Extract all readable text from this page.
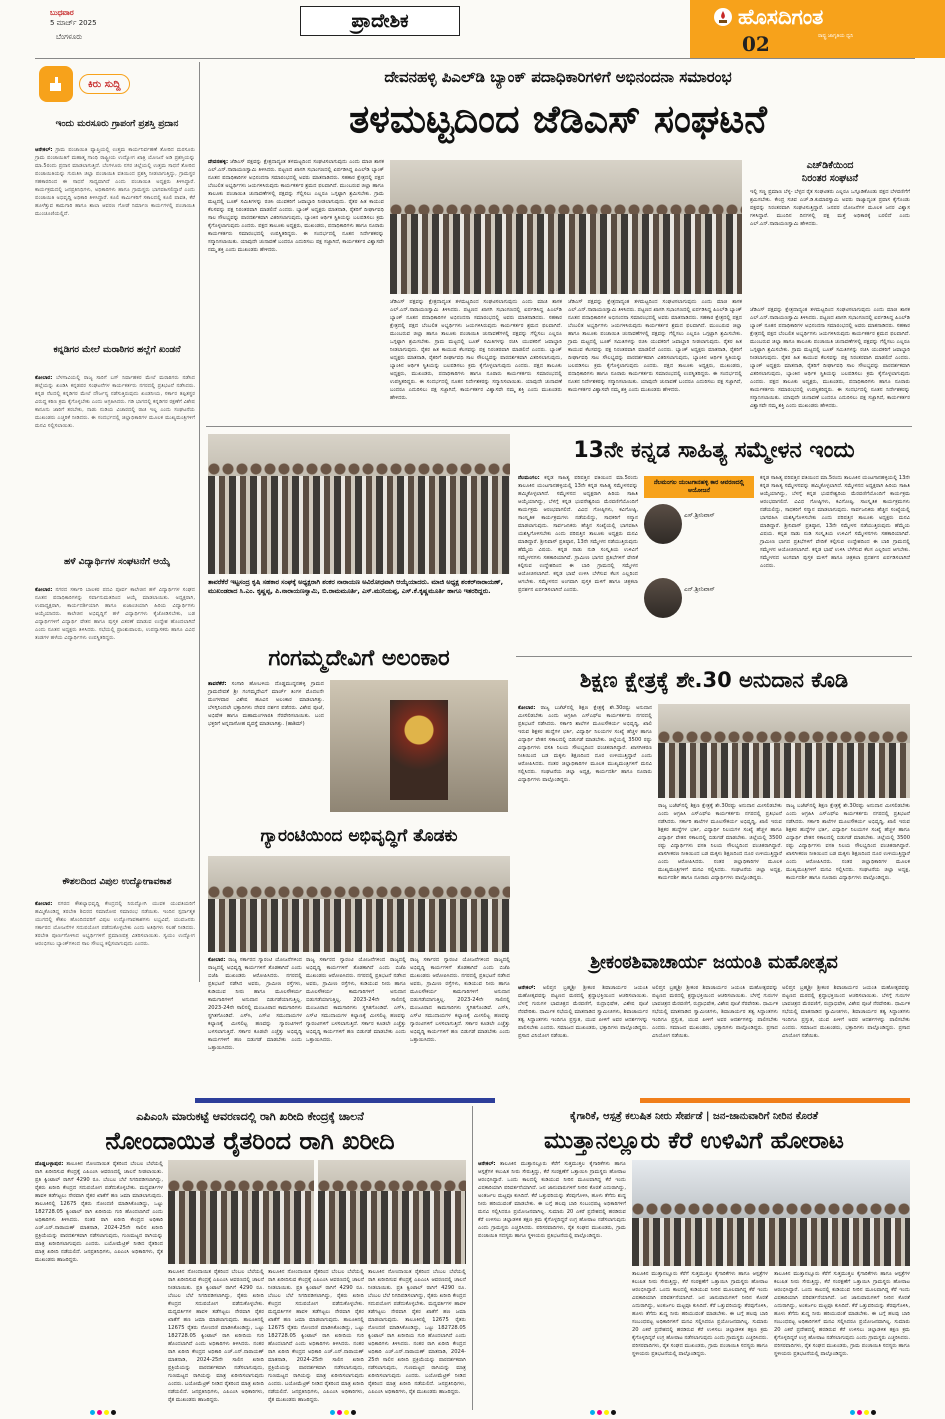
ಬುಧವಾರ
5 ಮಾರ್ಚ್ 2025
ಬೆಂಗಳೂರು
ಪ್ರಾದೇಶಿಕ	ಹೊಸದಿಗಂತ
ರಾಷ್ಟ್ರ ಜಾಗೃತಿಯ ಧ್ವನಿ
02
ಕಿರು ಸುದ್ದಿ
ಇಂದು ಮರಸೂರು ಗ್ರಾಪಂಗೆ ಪ್ರಶಸ್ತಿ ಪ್ರದಾನ
ಆನೇಕಲ್: ಗ್ರಾಮ ಪಂಚಾಯಿತಿ ವ್ಯಾಪ್ತಿಯಲ್ಲಿ ಉತ್ತಮ ಕಾರ್ಯನಿರ್ವಹಣೆ ತೋರಿದ ಮರಸೂರು ಗ್ರಾಮ ಪಂಚಾಯಿತಿಗೆ ಮಹಾತ್ಮ ಗಾಂಧಿ ರಾಷ್ಟ್ರೀಯ ಉದ್ಯೋಗ ಖಾತ್ರಿ ಯೋಜನೆ ಅಡಿ ಪ್ರಶಸ್ತಿಯನ್ನು ಮಾ.5ರಂದು ಪ್ರದಾನ ಮಾಡಲಾಗುತ್ತಿದೆ. ಬೆಂಗಳೂರು ನಗರ ಜಿಲ್ಲೆಯಲ್ಲಿ ಉತ್ತಮ ಸಾಧನೆ ತೋರಿದ ಪಂಚಾಯಿತಿಯನ್ನು ಗುರುತಿಸಿ ಜಿಲ್ಲಾ ಪಂಚಾಯಿತಿ ವತಿಯಿಂದ ಪ್ರಶಸ್ತಿ ನೀಡಲಾಗುತ್ತಿದ್ದು, ಗ್ರಾಮಸ್ಥರ ಸಹಕಾರದಿಂದ ಈ ಸಾಧನೆ ಸಾಧ್ಯವಾಗಿದೆ ಎಂದು ಪಂಚಾಯಿತಿ ಅಧ್ಯಕ್ಷರು ತಿಳಿಸಿದ್ದಾರೆ. ಕಾರ್ಯಕ್ರಮದಲ್ಲಿ ಜನಪ್ರತಿನಿಧಿಗಳು, ಅಧಿಕಾರಿಗಳು ಹಾಗೂ ಗ್ರಾಮಸ್ಥರು ಭಾಗವಹಿಸಲಿದ್ದಾರೆ ಎಂದು ಪಂಚಾಯಿತಿ ಅಭಿವೃದ್ಧಿ ಅಧಿಕಾರಿ ತಿಳಿಸಿದ್ದಾರೆ. ಕೂಲಿ ಕಾರ್ಮಿಕರಿಗೆ ಸಕಾಲದಲ್ಲಿ ಕೂಲಿ ಪಾವತಿ, ಕೆರೆ ಹೂಳೆತ್ತುವ ಕಾಮಗಾರಿ ಹಾಗೂ ಶಾಲಾ ಆವರಣ ಗೋಡೆ ನಿರ್ಮಾಣ ಕಾರ್ಯಗಳಲ್ಲಿ ಪಂಚಾಯಿತಿ ಮುಂಚೂಣಿಯಲ್ಲಿದೆ.
ಕನ್ನಡಿಗರ ಮೇಲೆ ಮರಾಠಿಗರ ಹಲ್ಲೆಗೆ ಖಂಡನೆ
ಕೋಲಾರ: ಬೆಳಗಾವಿಯಲ್ಲಿ ರಾಜ್ಯ ಸಾರಿಗೆ ಬಸ್ ನಿರ್ವಾಹಕರ ಮೇಲೆ ಮರಾಠಿಗರು ನಡೆಸಿದ ಹಲ್ಲೆಯನ್ನು ಖಂಡಿಸಿ ಕನ್ನಡಪರ ಸಂಘಟನೆಗಳ ಕಾರ್ಯಕರ್ತರು ನಗರದಲ್ಲಿ ಪ್ರತಿಭಟನೆ ನಡೆಸಿದರು. ಕನ್ನಡ ನೆಲದಲ್ಲಿ ಕನ್ನಡಿಗರ ಮೇಲೆ ದೌರ್ಜನ್ಯ ನಡೆಸುತ್ತಿರುವುದು ಖಂಡನೀಯ, ಸರ್ಕಾರ ತಪ್ಪಿತಸ್ಥರ ವಿರುದ್ಧ ಕಠಿಣ ಕ್ರಮ ಕೈಗೊಳ್ಳಬೇಕು ಎಂದು ಆಗ್ರಹಿಸಿದರು. ಗಡಿ ಭಾಗದಲ್ಲಿ ಕನ್ನಡಿಗರ ರಕ್ಷಣೆಗೆ ವಿಶೇಷ ಕಾನೂನು ಜಾರಿಗೆ ತರಬೇಕು, ನಾಡು ನುಡಿಯ ವಿಚಾರದಲ್ಲಿ ರಾಜಿ ಇಲ್ಲ ಎಂದು ಸಂಘಟನೆಯ ಮುಖಂಡರು ಎಚ್ಚರಿಕೆ ನೀಡಿದರು. ಈ ಸಂದರ್ಭದಲ್ಲಿ ಜಿಲ್ಲಾಧಿಕಾರಿಗಳ ಮೂಲಕ ಮುಖ್ಯಮಂತ್ರಿಗಳಿಗೆ ಮನವಿ ಸಲ್ಲಿಸಲಾಯಿತು.
ಹಳೆ ವಿದ್ಯಾರ್ಥಿಗಳ ಸಂಘಟನೆಗೆ ಆಯ್ಕೆ
ಕೋಲಾರ: ನಗರದ ಸರ್ಕಾರಿ ಬಾಲಕರ ಪದವಿ ಪೂರ್ವ ಕಾಲೇಜಿನ ಹಳೆ ವಿದ್ಯಾರ್ಥಿಗಳ ಸಂಘದ ನೂತನ ಪದಾಧಿಕಾರಿಗಳನ್ನು ಸರ್ವಾನುಮತದಿಂದ ಆಯ್ಕೆ ಮಾಡಲಾಯಿತು. ಅಧ್ಯಕ್ಷರಾಗಿ, ಉಪಾಧ್ಯಕ್ಷರಾಗಿ, ಕಾರ್ಯದರ್ಶಿಯಾಗಿ ಹಾಗೂ ಖಜಾಂಚಿಯಾಗಿ ಹಿರಿಯ ವಿದ್ಯಾರ್ಥಿಗಳು ಆಯ್ಕೆಯಾದರು. ಕಾಲೇಜಿನ ಅಭಿವೃದ್ಧಿಗೆ ಹಳೆ ವಿದ್ಯಾರ್ಥಿಗಳು ಕೈಜೋಡಿಸಬೇಕು, ಬಡ ವಿದ್ಯಾರ್ಥಿಗಳಿಗೆ ವಿದ್ಯಾರ್ಥಿ ವೇತನ ಹಾಗೂ ಪುಸ್ತಕ ವಿತರಣೆ ಮಾಡುವ ಉದ್ದೇಶ ಹೊಂದಲಾಗಿದೆ ಎಂದು ನೂತನ ಅಧ್ಯಕ್ಷರು ತಿಳಿಸಿದರು. ಸಭೆಯಲ್ಲಿ ಪ್ರಾಂಶುಪಾಲರು, ಉಪನ್ಯಾಸಕರು ಹಾಗೂ ವಿವಿಧ ತಂಡಗಳ ಹಳೆಯ ವಿದ್ಯಾರ್ಥಿಗಳು ಉಪಸ್ಥಿತರಿದ್ದರು.
ಕೌಶಲದಿಂದ ವಿಪುಲ ಉದ್ಯೋಗಾವಕಾಶ
ಕೋಲಾರ: ನಗರದ ಕೌಶಲ್ಯಾಭಿವೃದ್ಧಿ ಕೇಂದ್ರದಲ್ಲಿ ನಿರುದ್ಯೋಗಿ ಯುವಕ ಯುವತಿಯರಿಗೆ ಹಮ್ಮಿಕೊಂಡಿದ್ದ ತರಬೇತಿ ಶಿಬಿರದ ಸಮಾರೋಪ ಸಮಾರಂಭ ನಡೆಯಿತು. ಇಂದಿನ ಸ್ಪರ್ಧಾತ್ಮಕ ಯುಗದಲ್ಲಿ ಕೌಶಲ ಹೊಂದಿದವರಿಗೆ ವಿಪುಲ ಉದ್ಯೋಗಾವಕಾಶಗಳು ಲಭ್ಯವಿವೆ, ಯುವಜನರು ಸರ್ಕಾರದ ಯೋಜನೆಗಳ ಸದುಪಯೋಗ ಪಡೆದುಕೊಳ್ಳಬೇಕು ಎಂದು ಅತಿಥಿಗಳು ಸಲಹೆ ನೀಡಿದರು. ತರಬೇತಿ ಪೂರ್ಣಗೊಳಿಸಿದ ಅಭ್ಯರ್ಥಿಗಳಿಗೆ ಪ್ರಮಾಣಪತ್ರ ವಿತರಿಸಲಾಯಿತು. ಸ್ವಯಂ ಉದ್ಯೋಗ ಆರಂಭಿಸಲು ಬ್ಯಾಂಕ್‌ಗಳಿಂದ ಸಾಲ ಸೌಲಭ್ಯ ಕಲ್ಪಿಸಲಾಗುವುದು ಎಂದರು.
ದೇವನಹಳ್ಳಿ ಪಿಎಲ್‌ಡಿ ಬ್ಯಾಂಕ್ ಪದಾಧಿಕಾರಿಗಳಿಗೆ ಅಭಿನಂದನಾ ಸಮಾರಂಭ
ತಳಮಟ್ಟದಿಂದ ಜೆಡಿಎಸ್ ಸಂಘಟನೆ
ದೇವನಹಳ್ಳಿ: ಜೆಡಿಎಸ್ ಪಕ್ಷವನ್ನು ಕ್ಷೇತ್ರದಾದ್ಯಂತ ತಳಮಟ್ಟದಿಂದ ಸಂಘಟಿಸಲಾಗುವುದು ಎಂದು ಮಾಜಿ ಶಾಸಕ ಎಲ್.ಎನ್.ನಾರಾಯಣಸ್ವಾಮಿ ತಿಳಿಸಿದರು. ಪಟ್ಟಣದ ಖಾಸಗಿ ಸಭಾಂಗಣದಲ್ಲಿ ಏರ್ಪಡಿಸಿದ್ದ ಪಿಎಲ್‌ಡಿ ಬ್ಯಾಂಕ್ ನೂತನ ಪದಾಧಿಕಾರಿಗಳ ಅಭಿನಂದನಾ ಸಮಾರಂಭದಲ್ಲಿ ಅವರು ಮಾತನಾಡಿದರು. ಸಹಕಾರ ಕ್ಷೇತ್ರದಲ್ಲಿ ಪಕ್ಷದ ಬೆಂಬಲಿತ ಅಭ್ಯರ್ಥಿಗಳು ಜಯಗಳಿಸಿರುವುದು ಕಾರ್ಯಕರ್ತರ ಶ್ರಮದ ಫಲವಾಗಿದೆ. ಮುಂಬರುವ ಜಿಲ್ಲಾ ಹಾಗೂ ತಾಲೂಕು ಪಂಚಾಯಿತಿ ಚುನಾವಣೆಗಳಲ್ಲಿ ಪಕ್ಷವನ್ನು ಗೆಲ್ಲಿಸಲು ಎಲ್ಲರೂ ಒಗ್ಗಟ್ಟಾಗಿ ಶ್ರಮಿಸಬೇಕು. ಗ್ರಾಮ ಮಟ್ಟದಲ್ಲಿ ಬೂತ್ ಸಮಿತಿಗಳನ್ನು ರಚಿಸಿ ಯುವಕರಿಗೆ ಜವಾಬ್ದಾರಿ ನೀಡಲಾಗುವುದು. ರೈತರ ಹಿತ ಕಾಯುವ ಕೆಲಸವನ್ನು ಪಕ್ಷ ನಿರಂತರವಾಗಿ ಮಾಡಲಿದೆ ಎಂದರು. ಬ್ಯಾಂಕ್ ಅಧ್ಯಕ್ಷರು ಮಾತನಾಡಿ, ರೈತರಿಗೆ ದೀರ್ಘಾವಧಿ ಸಾಲ ಸೌಲಭ್ಯವನ್ನು ಪಾರದರ್ಶಕವಾಗಿ ವಿತರಿಸಲಾಗುವುದು, ಬ್ಯಾಂಕಿನ ಆರ್ಥಿಕ ಸ್ಥಿತಿಯನ್ನು ಬಲಪಡಿಸಲು ಕ್ರಮ ಕೈಗೊಳ್ಳಲಾಗುವುದು ಎಂದರು. ಪಕ್ಷದ ತಾಲೂಕು ಅಧ್ಯಕ್ಷರು, ಮುಖಂಡರು, ಪದಾಧಿಕಾರಿಗಳು ಹಾಗೂ ನೂರಾರು ಕಾರ್ಯಕರ್ತರು ಸಮಾರಂಭದಲ್ಲಿ ಉಪಸ್ಥಿತರಿದ್ದರು. ಈ ಸಂದರ್ಭದಲ್ಲಿ ನೂತನ ನಿರ್ದೇಶಕರನ್ನು ಸನ್ಮಾನಿಸಲಾಯಿತು. ಯಾವುದೇ ಚುನಾವಣೆ ಬಂದರೂ ಎದುರಿಸಲು ಪಕ್ಷ ಸಜ್ಜಾಗಿದೆ, ಕಾರ್ಯಕರ್ತರ ವಿಶ್ವಾಸವೇ ನಮ್ಮ ಶಕ್ತಿ ಎಂದು ಮುಖಂಡರು ಹೇಳಿದರು.
ಜೆಡಿಎಸ್ ಪಕ್ಷವನ್ನು ಕ್ಷೇತ್ರದಾದ್ಯಂತ ತಳಮಟ್ಟದಿಂದ ಸಂಘಟಿಸಲಾಗುವುದು ಎಂದು ಮಾಜಿ ಶಾಸಕ ಎಲ್.ಎನ್.ನಾರಾಯಣಸ್ವಾಮಿ ತಿಳಿಸಿದರು. ಪಟ್ಟಣದ ಖಾಸಗಿ ಸಭಾಂಗಣದಲ್ಲಿ ಏರ್ಪಡಿಸಿದ್ದ ಪಿಎಲ್‌ಡಿ ಬ್ಯಾಂಕ್ ನೂತನ ಪದಾಧಿಕಾರಿಗಳ ಅಭಿನಂದನಾ ಸಮಾರಂಭದಲ್ಲಿ ಅವರು ಮಾತನಾಡಿದರು. ಸಹಕಾರ ಕ್ಷೇತ್ರದಲ್ಲಿ ಪಕ್ಷದ ಬೆಂಬಲಿತ ಅಭ್ಯರ್ಥಿಗಳು ಜಯಗಳಿಸಿರುವುದು ಕಾರ್ಯಕರ್ತರ ಶ್ರಮದ ಫಲವಾಗಿದೆ. ಮುಂಬರುವ ಜಿಲ್ಲಾ ಹಾಗೂ ತಾಲೂಕು ಪಂಚಾಯಿತಿ ಚುನಾವಣೆಗಳಲ್ಲಿ ಪಕ್ಷವನ್ನು ಗೆಲ್ಲಿಸಲು ಎಲ್ಲರೂ ಒಗ್ಗಟ್ಟಾಗಿ ಶ್ರಮಿಸಬೇಕು. ಗ್ರಾಮ ಮಟ್ಟದಲ್ಲಿ ಬೂತ್ ಸಮಿತಿಗಳನ್ನು ರಚಿಸಿ ಯುವಕರಿಗೆ ಜವಾಬ್ದಾರಿ ನೀಡಲಾಗುವುದು. ರೈತರ ಹಿತ ಕಾಯುವ ಕೆಲಸವನ್ನು ಪಕ್ಷ ನಿರಂತರವಾಗಿ ಮಾಡಲಿದೆ ಎಂದರು. ಬ್ಯಾಂಕ್ ಅಧ್ಯಕ್ಷರು ಮಾತನಾಡಿ, ರೈತರಿಗೆ ದೀರ್ಘಾವಧಿ ಸಾಲ ಸೌಲಭ್ಯವನ್ನು ಪಾರದರ್ಶಕವಾಗಿ ವಿತರಿಸಲಾಗುವುದು, ಬ್ಯಾಂಕಿನ ಆರ್ಥಿಕ ಸ್ಥಿತಿಯನ್ನು ಬಲಪಡಿಸಲು ಕ್ರಮ ಕೈಗೊಳ್ಳಲಾಗುವುದು ಎಂದರು. ಪಕ್ಷದ ತಾಲೂಕು ಅಧ್ಯಕ್ಷರು, ಮುಖಂಡರು, ಪದಾಧಿಕಾರಿಗಳು ಹಾಗೂ ನೂರಾರು ಕಾರ್ಯಕರ್ತರು ಸಮಾರಂಭದಲ್ಲಿ ಉಪಸ್ಥಿತರಿದ್ದರು. ಈ ಸಂದರ್ಭದಲ್ಲಿ ನೂತನ ನಿರ್ದೇಶಕರನ್ನು ಸನ್ಮಾನಿಸಲಾಯಿತು. ಯಾವುದೇ ಚುನಾವಣೆ ಬಂದರೂ ಎದುರಿಸಲು ಪಕ್ಷ ಸಜ್ಜಾಗಿದೆ, ಕಾರ್ಯಕರ್ತರ ವಿಶ್ವಾಸವೇ ನಮ್ಮ ಶಕ್ತಿ ಎಂದು ಮುಖಂಡರು ಹೇಳಿದರು.
ಜೆಡಿಎಸ್ ಪಕ್ಷವನ್ನು ಕ್ಷೇತ್ರದಾದ್ಯಂತ ತಳಮಟ್ಟದಿಂದ ಸಂಘಟಿಸಲಾಗುವುದು ಎಂದು ಮಾಜಿ ಶಾಸಕ ಎಲ್.ಎನ್.ನಾರಾಯಣಸ್ವಾಮಿ ತಿಳಿಸಿದರು. ಪಟ್ಟಣದ ಖಾಸಗಿ ಸಭಾಂಗಣದಲ್ಲಿ ಏರ್ಪಡಿಸಿದ್ದ ಪಿಎಲ್‌ಡಿ ಬ್ಯಾಂಕ್ ನೂತನ ಪದಾಧಿಕಾರಿಗಳ ಅಭಿನಂದನಾ ಸಮಾರಂಭದಲ್ಲಿ ಅವರು ಮಾತನಾಡಿದರು. ಸಹಕಾರ ಕ್ಷೇತ್ರದಲ್ಲಿ ಪಕ್ಷದ ಬೆಂಬಲಿತ ಅಭ್ಯರ್ಥಿಗಳು ಜಯಗಳಿಸಿರುವುದು ಕಾರ್ಯಕರ್ತರ ಶ್ರಮದ ಫಲವಾಗಿದೆ. ಮುಂಬರುವ ಜಿಲ್ಲಾ ಹಾಗೂ ತಾಲೂಕು ಪಂಚಾಯಿತಿ ಚುನಾವಣೆಗಳಲ್ಲಿ ಪಕ್ಷವನ್ನು ಗೆಲ್ಲಿಸಲು ಎಲ್ಲರೂ ಒಗ್ಗಟ್ಟಾಗಿ ಶ್ರಮಿಸಬೇಕು. ಗ್ರಾಮ ಮಟ್ಟದಲ್ಲಿ ಬೂತ್ ಸಮಿತಿಗಳನ್ನು ರಚಿಸಿ ಯುವಕರಿಗೆ ಜವಾಬ್ದಾರಿ ನೀಡಲಾಗುವುದು. ರೈತರ ಹಿತ ಕಾಯುವ ಕೆಲಸವನ್ನು ಪಕ್ಷ ನಿರಂತರವಾಗಿ ಮಾಡಲಿದೆ ಎಂದರು. ಬ್ಯಾಂಕ್ ಅಧ್ಯಕ್ಷರು ಮಾತನಾಡಿ, ರೈತರಿಗೆ ದೀರ್ಘಾವಧಿ ಸಾಲ ಸೌಲಭ್ಯವನ್ನು ಪಾರದರ್ಶಕವಾಗಿ ವಿತರಿಸಲಾಗುವುದು, ಬ್ಯಾಂಕಿನ ಆರ್ಥಿಕ ಸ್ಥಿತಿಯನ್ನು ಬಲಪಡಿಸಲು ಕ್ರಮ ಕೈಗೊಳ್ಳಲಾಗುವುದು ಎಂದರು. ಪಕ್ಷದ ತಾಲೂಕು ಅಧ್ಯಕ್ಷರು, ಮುಖಂಡರು, ಪದಾಧಿಕಾರಿಗಳು ಹಾಗೂ ನೂರಾರು ಕಾರ್ಯಕರ್ತರು ಸಮಾರಂಭದಲ್ಲಿ ಉಪಸ್ಥಿತರಿದ್ದರು. ಈ ಸಂದರ್ಭದಲ್ಲಿ ನೂತನ ನಿರ್ದೇಶಕರನ್ನು ಸನ್ಮಾನಿಸಲಾಯಿತು. ಯಾವುದೇ ಚುನಾವಣೆ ಬಂದರೂ ಎದುರಿಸಲು ಪಕ್ಷ ಸಜ್ಜಾಗಿದೆ, ಕಾರ್ಯಕರ್ತರ ವಿಶ್ವಾಸವೇ ನಮ್ಮ ಶಕ್ತಿ ಎಂದು ಮುಖಂಡರು ಹೇಳಿದರು.
ಎಚ್‌ಡಿಕೆಯಿಂದ
ನಿರಂತರ ಸಂಘಟನೆ
ಇಲ್ಲಿ ಸಣ್ಣ ಪ್ರಮಾಣ ಬೆಳ್ಳ- ಬೆಳ್ಳದ ರೈತ ಸಂಘಟಿತರು ಎಲ್ಲರೂ ಒಗ್ಗೂಡಿಕೊಂಡು ಪಕ್ಷದ ಬೆಳವಣಿಗೆಗೆ ಶ್ರಮಿಸಬೇಕು. ಕೇಂದ್ರ ಸಚಿವ ಎಚ್.ಡಿ.ಕುಮಾರಸ್ವಾಮಿ ಅವರು ರಾಜ್ಯಾದ್ಯಂತ ಪ್ರವಾಸ ಕೈಗೊಂಡು ಪಕ್ಷವನ್ನು ನಿರಂತರವಾಗಿ ಸಂಘಟಿಸುತ್ತಿದ್ದಾರೆ. ಜನಪರ ಯೋಜನೆಗಳ ಮೂಲಕ ಜನರ ವಿಶ್ವಾಸ ಗಳಿಸಿದ್ದಾರೆ. ಮುಂದಿನ ದಿನಗಳಲ್ಲಿ ಪಕ್ಷ ಮತ್ತೆ ಅಧಿಕಾರಕ್ಕೆ ಬರಲಿದೆ ಎಂದು ಎಲ್.ಎನ್.ನಾರಾಯಣಸ್ವಾಮಿ ಹೇಳಿದರು.
ಜೆಡಿಎಸ್ ಪಕ್ಷವನ್ನು ಕ್ಷೇತ್ರದಾದ್ಯಂತ ತಳಮಟ್ಟದಿಂದ ಸಂಘಟಿಸಲಾಗುವುದು ಎಂದು ಮಾಜಿ ಶಾಸಕ ಎಲ್.ಎನ್.ನಾರಾಯಣಸ್ವಾಮಿ ತಿಳಿಸಿದರು. ಪಟ್ಟಣದ ಖಾಸಗಿ ಸಭಾಂಗಣದಲ್ಲಿ ಏರ್ಪಡಿಸಿದ್ದ ಪಿಎಲ್‌ಡಿ ಬ್ಯಾಂಕ್ ನೂತನ ಪದಾಧಿಕಾರಿಗಳ ಅಭಿನಂದನಾ ಸಮಾರಂಭದಲ್ಲಿ ಅವರು ಮಾತನಾಡಿದರು. ಸಹಕಾರ ಕ್ಷೇತ್ರದಲ್ಲಿ ಪಕ್ಷದ ಬೆಂಬಲಿತ ಅಭ್ಯರ್ಥಿಗಳು ಜಯಗಳಿಸಿರುವುದು ಕಾರ್ಯಕರ್ತರ ಶ್ರಮದ ಫಲವಾಗಿದೆ. ಮುಂಬರುವ ಜಿಲ್ಲಾ ಹಾಗೂ ತಾಲೂಕು ಪಂಚಾಯಿತಿ ಚುನಾವಣೆಗಳಲ್ಲಿ ಪಕ್ಷವನ್ನು ಗೆಲ್ಲಿಸಲು ಎಲ್ಲರೂ ಒಗ್ಗಟ್ಟಾಗಿ ಶ್ರಮಿಸಬೇಕು. ಗ್ರಾಮ ಮಟ್ಟದಲ್ಲಿ ಬೂತ್ ಸಮಿತಿಗಳನ್ನು ರಚಿಸಿ ಯುವಕರಿಗೆ ಜವಾಬ್ದಾರಿ ನೀಡಲಾಗುವುದು. ರೈತರ ಹಿತ ಕಾಯುವ ಕೆಲಸವನ್ನು ಪಕ್ಷ ನಿರಂತರವಾಗಿ ಮಾಡಲಿದೆ ಎಂದರು. ಬ್ಯಾಂಕ್ ಅಧ್ಯಕ್ಷರು ಮಾತನಾಡಿ, ರೈತರಿಗೆ ದೀರ್ಘಾವಧಿ ಸಾಲ ಸೌಲಭ್ಯವನ್ನು ಪಾರದರ್ಶಕವಾಗಿ ವಿತರಿಸಲಾಗುವುದು, ಬ್ಯಾಂಕಿನ ಆರ್ಥಿಕ ಸ್ಥಿತಿಯನ್ನು ಬಲಪಡಿಸಲು ಕ್ರಮ ಕೈಗೊಳ್ಳಲಾಗುವುದು ಎಂದರು. ಪಕ್ಷದ ತಾಲೂಕು ಅಧ್ಯಕ್ಷರು, ಮುಖಂಡರು, ಪದಾಧಿಕಾರಿಗಳು ಹಾಗೂ ನೂರಾರು ಕಾರ್ಯಕರ್ತರು ಸಮಾರಂಭದಲ್ಲಿ ಉಪಸ್ಥಿತರಿದ್ದರು. ಈ ಸಂದರ್ಭದಲ್ಲಿ ನೂತನ ನಿರ್ದೇಶಕರನ್ನು ಸನ್ಮಾನಿಸಲಾಯಿತು. ಯಾವುದೇ ಚುನಾವಣೆ ಬಂದರೂ ಎದುರಿಸಲು ಪಕ್ಷ ಸಜ್ಜಾಗಿದೆ, ಕಾರ್ಯಕರ್ತರ ವಿಶ್ವಾಸವೇ ನಮ್ಮ ಶಕ್ತಿ ಎಂದು ಮುಖಂಡರು ಹೇಳಿದರು.
ತಾವರೆಕೆರೆ ಇಟ್ಟಸಂದ್ರ ಕೃಷಿ ಸಹಕಾರ ಸಂಘಕ್ಕೆ ಅಧ್ಯಕ್ಷರಾಗಿ ಶಂಕರ ನಾರಾಯಣ ಅವಿರೋಧವಾಗಿ ಆಯ್ಕೆಯಾದರು. ಮಾಜಿ ಅಧ್ಯಕ್ಷ ಶಂಕರ್‌ನಾರಾಯಣ್, ಮುಖಂಡರಾದ ಸಿ.ಎಂ. ಕೃಷ್ಣಪ್ಪ, ಪಿ.ನಾರಾಯಣಸ್ವಾಮಿ, ಬಿ.ರಾಮಮೂರ್ತಿ, ಎಸ್.ಮುನಿಯಪ್ಪ, ಎಸ್.ಕೆ.ಕೃಷ್ಣಮೂರ್ತಿ ಹಾಗೂ ಇತರರಿದ್ದರು.
13ನೇ ಕನ್ನಡ ಸಾಹಿತ್ಯ ಸಮ್ಮೇಳನ ಇಂದು
ನೆಲಮಂಗಲ: ಕನ್ನಡ ಸಾಹಿತ್ಯ ಪರಿಷತ್ತಿನ ವತಿಯಿಂದ ಮಾ.5ರಂದು ತಾಲೂಕಿನ ಯಂಟಗಾನಹಳ್ಳಿಯಲ್ಲಿ 13ನೇ ಕನ್ನಡ ಸಾಹಿತ್ಯ ಸಮ್ಮೇಳನವನ್ನು ಹಮ್ಮಿಕೊಳ್ಳಲಾಗಿದೆ. ಸಮ್ಮೇಳನದ ಅಧ್ಯಕ್ಷರಾಗಿ ಹಿರಿಯ ಸಾಹಿತಿ ಆಯ್ಕೆಯಾಗಿದ್ದು, ಬೆಳಗ್ಗೆ ಕನ್ನಡ ಭುವನೇಶ್ವರಿಯ ಮೆರವಣಿಗೆಯೊಂದಿಗೆ ಕಾರ್ಯಕ್ರಮ ಆರಂಭವಾಗಲಿದೆ. ವಿವಿಧ ಗೋಷ್ಠಿಗಳು, ಕವಿಗೋಷ್ಠಿ, ಸಾಂಸ್ಕೃತಿಕ ಕಾರ್ಯಕ್ರಮಗಳು ನಡೆಯಲಿದ್ದು, ಸಾಧಕರಿಗೆ ಸನ್ಮಾನ ಮಾಡಲಾಗುವುದು. ಸಾರ್ವಜನಿಕರು ಹೆಚ್ಚಿನ ಸಂಖ್ಯೆಯಲ್ಲಿ ಭಾಗವಹಿಸಿ ಯಶಸ್ವಿಗೊಳಿಸಬೇಕು ಎಂದು ಪರಿಷತ್ತಿನ ತಾಲೂಕು ಅಧ್ಯಕ್ಷರು ಮನವಿ ಮಾಡಿದ್ದಾರೆ. ಶ್ರೀನಿವಾಸ್ ಪ್ರತಿಷ್ಠಾನ, 13ನೇ ಸಮ್ಮೇಳನ ನಡೆಯುತ್ತಿರುವುದು ಹೆಮ್ಮೆಯ ವಿಷಯ. ಕನ್ನಡ ನಾಡು ನುಡಿ ಸಂಸ್ಕೃತಿಯ ಉಳಿವಿಗೆ ಸಮ್ಮೇಳನಗಳು ಸಹಕಾರಿಯಾಗಿವೆ. ಗ್ರಾಮೀಣ ಭಾಗದ ಪ್ರತಿಭೆಗಳಿಗೆ ವೇದಿಕೆ ಕಲ್ಪಿಸುವ ಉದ್ದೇಶದಿಂದ ಈ ಬಾರಿ ಗ್ರಾಮದಲ್ಲಿ ಸಮ್ಮೇಳನ ಆಯೋಜಿಸಲಾಗಿದೆ. ಕನ್ನಡ ಭಾಷೆ ಉಳಿಸಿ ಬೆಳೆಸುವ ಕೆಲಸ ಎಲ್ಲರಿಂದ ಆಗಬೇಕು. ಸಮ್ಮೇಳನದ ಅಂಗವಾಗಿ ಪುಸ್ತಕ ಮಳಿಗೆ ಹಾಗೂ ಚಿತ್ರಕಲಾ ಪ್ರದರ್ಶನ ಏರ್ಪಡಿಸಲಾಗಿದೆ ಎಂದರು.
ನೆಲಮಂಗಲ ಯಂಟಗಾನಹಳ್ಳಿ ಕಾರ ಆವರಣದಲ್ಲಿ ಆಯೋಜನೆ
ಎಸ್.ಶ್ರೀನಿವಾಸ್
ಎನ್.ಶ್ರೀನಿವಾಸ್
ಕನ್ನಡ ಸಾಹಿತ್ಯ ಪರಿಷತ್ತಿನ ವತಿಯಿಂದ ಮಾ.5ರಂದು ತಾಲೂಕಿನ ಯಂಟಗಾನಹಳ್ಳಿಯಲ್ಲಿ 13ನೇ ಕನ್ನಡ ಸಾಹಿತ್ಯ ಸಮ್ಮೇಳನವನ್ನು ಹಮ್ಮಿಕೊಳ್ಳಲಾಗಿದೆ. ಸಮ್ಮೇಳನದ ಅಧ್ಯಕ್ಷರಾಗಿ ಹಿರಿಯ ಸಾಹಿತಿ ಆಯ್ಕೆಯಾಗಿದ್ದು, ಬೆಳಗ್ಗೆ ಕನ್ನಡ ಭುವನೇಶ್ವರಿಯ ಮೆರವಣಿಗೆಯೊಂದಿಗೆ ಕಾರ್ಯಕ್ರಮ ಆರಂಭವಾಗಲಿದೆ. ವಿವಿಧ ಗೋಷ್ಠಿಗಳು, ಕವಿಗೋಷ್ಠಿ, ಸಾಂಸ್ಕೃತಿಕ ಕಾರ್ಯಕ್ರಮಗಳು ನಡೆಯಲಿದ್ದು, ಸಾಧಕರಿಗೆ ಸನ್ಮಾನ ಮಾಡಲಾಗುವುದು. ಸಾರ್ವಜನಿಕರು ಹೆಚ್ಚಿನ ಸಂಖ್ಯೆಯಲ್ಲಿ ಭಾಗವಹಿಸಿ ಯಶಸ್ವಿಗೊಳಿಸಬೇಕು ಎಂದು ಪರಿಷತ್ತಿನ ತಾಲೂಕು ಅಧ್ಯಕ್ಷರು ಮನವಿ ಮಾಡಿದ್ದಾರೆ. ಶ್ರೀನಿವಾಸ್ ಪ್ರತಿಷ್ಠಾನ, 13ನೇ ಸಮ್ಮೇಳನ ನಡೆಯುತ್ತಿರುವುದು ಹೆಮ್ಮೆಯ ವಿಷಯ. ಕನ್ನಡ ನಾಡು ನುಡಿ ಸಂಸ್ಕೃತಿಯ ಉಳಿವಿಗೆ ಸಮ್ಮೇಳನಗಳು ಸಹಕಾರಿಯಾಗಿವೆ. ಗ್ರಾಮೀಣ ಭಾಗದ ಪ್ರತಿಭೆಗಳಿಗೆ ವೇದಿಕೆ ಕಲ್ಪಿಸುವ ಉದ್ದೇಶದಿಂದ ಈ ಬಾರಿ ಗ್ರಾಮದಲ್ಲಿ ಸಮ್ಮೇಳನ ಆಯೋಜಿಸಲಾಗಿದೆ. ಕನ್ನಡ ಭಾಷೆ ಉಳಿಸಿ ಬೆಳೆಸುವ ಕೆಲಸ ಎಲ್ಲರಿಂದ ಆಗಬೇಕು. ಸಮ್ಮೇಳನದ ಅಂಗವಾಗಿ ಪುಸ್ತಕ ಮಳಿಗೆ ಹಾಗೂ ಚಿತ್ರಕಲಾ ಪ್ರದರ್ಶನ ಏರ್ಪಡಿಸಲಾಗಿದೆ ಎಂದರು.
ಗಂಗಮ್ಮದೇವಿಗೆ ಅಲಂಕಾರ
ತಾವರೆಕೆರೆ: ಸಂಗಾರಿ ಹೋಬಳಿಯ ದೊಡ್ಡಮುದ್ದನಹಳ್ಳಿ ಗ್ರಾಮದ ಗ್ರಾಮದೇವತೆ ಶ್ರೀ ಗಂಗಮ್ಮದೇವಿಗೆ ಮಾರ್ಚ್ ತಿಂಗಳ ಮೊದಲನೇ ಮಂಗಳವಾರ ವಿಶೇಷ ಹೂವಿನ ಅಲಂಕಾರ ಮಾಡಲಾಗಿತ್ತು. ಬೆಳಗ್ಗಿನಿಂದಲೇ ಭಕ್ತಾದಿಗಳು ದೇವರ ದರ್ಶನ ಪಡೆದರು. ವಿಶೇಷ ಪೂಜೆ, ಅಭಿಷೇಕ ಹಾಗೂ ಮಹಾಮಂಗಳಾರತಿ ನೆರವೇರಿಸಲಾಯಿತು. ಬಂದ ಭಕ್ತರಿಗೆ ಅನ್ನದಾಸೋಹ ವ್ಯವಸ್ಥೆ ಮಾಡಲಾಗಿತ್ತು. (ಹಾಶಿಮ್)
ಗ್ಯಾರಂಟಿಯಿಂದ ಅಭಿವೃದ್ಧಿಗೆ ತೊಡಕು
ಕೋಲಾರ: ರಾಜ್ಯ ಸರ್ಕಾರದ ಗ್ಯಾರಂಟಿ ಯೋಜನೆಗಳಿಂದ ರಾಜ್ಯದಲ್ಲಿ ಅಭಿವೃದ್ಧಿ ಕಾರ್ಯಗಳಿಗೆ ತೊಡಕಾಗಿದೆ ಎಂದು ಬಿಜೆಪಿ ಮುಖಂಡರು ಆರೋಪಿಸಿದರು. ನಗರದಲ್ಲಿ ಪ್ರತಿಭಟನೆ ನಡೆಸಿದ ಅವರು, ಗ್ರಾಮೀಣ ರಸ್ತೆಗಳು, ಕುಡಿಯುವ ನೀರು ಹಾಗೂ ಮೂಲಸೌಕರ್ಯ ಕಾಮಗಾರಿಗಳಿಗೆ ಅನುದಾನ ಬಿಡುಗಡೆಯಾಗುತ್ತಿಲ್ಲ. 2023-24ನೇ ಸಾಲಿನಲ್ಲಿ ಮಂಜೂರಾದ ಕಾಮಗಾರಿಗಳು ಸ್ಥಗಿತಗೊಂಡಿವೆ. ಎಸ್‌ಸಿ, ಎಸ್‌ಟಿ ಸಮುದಾಯಗಳ ಕಲ್ಯಾಣಕ್ಕೆ ಮೀಸಲಿಟ್ಟ ಹಣವನ್ನು ಗ್ಯಾರಂಟಿಗಳಿಗೆ ಬಳಸಲಾಗುತ್ತಿದೆ. ಸರ್ಕಾರ ಕೂಡಲೇ ಎಚ್ಚೆತ್ತು ಅಭಿವೃದ್ಧಿ ಕಾರ್ಯಗಳಿಗೆ ಹಣ ಬಿಡುಗಡೆ ಮಾಡಬೇಕು ಎಂದು ಒತ್ತಾಯಿಸಿದರು.
ರಾಜ್ಯ ಸರ್ಕಾರದ ಗ್ಯಾರಂಟಿ ಯೋಜನೆಗಳಿಂದ ರಾಜ್ಯದಲ್ಲಿ ಅಭಿವೃದ್ಧಿ ಕಾರ್ಯಗಳಿಗೆ ತೊಡಕಾಗಿದೆ ಎಂದು ಬಿಜೆಪಿ ಮುಖಂಡರು ಆರೋಪಿಸಿದರು. ನಗರದಲ್ಲಿ ಪ್ರತಿಭಟನೆ ನಡೆಸಿದ ಅವರು, ಗ್ರಾಮೀಣ ರಸ್ತೆಗಳು, ಕುಡಿಯುವ ನೀರು ಹಾಗೂ ಮೂಲಸೌಕರ್ಯ ಕಾಮಗಾರಿಗಳಿಗೆ ಅನುದಾನ ಬಿಡುಗಡೆಯಾಗುತ್ತಿಲ್ಲ. 2023-24ನೇ ಸಾಲಿನಲ್ಲಿ ಮಂಜೂರಾದ ಕಾಮಗಾರಿಗಳು ಸ್ಥಗಿತಗೊಂಡಿವೆ. ಎಸ್‌ಸಿ, ಎಸ್‌ಟಿ ಸಮುದಾಯಗಳ ಕಲ್ಯಾಣಕ್ಕೆ ಮೀಸಲಿಟ್ಟ ಹಣವನ್ನು ಗ್ಯಾರಂಟಿಗಳಿಗೆ ಬಳಸಲಾಗುತ್ತಿದೆ. ಸರ್ಕಾರ ಕೂಡಲೇ ಎಚ್ಚೆತ್ತು ಅಭಿವೃದ್ಧಿ ಕಾರ್ಯಗಳಿಗೆ ಹಣ ಬಿಡುಗಡೆ ಮಾಡಬೇಕು ಎಂದು ಒತ್ತಾಯಿಸಿದರು.
ರಾಜ್ಯ ಸರ್ಕಾರದ ಗ್ಯಾರಂಟಿ ಯೋಜನೆಗಳಿಂದ ರಾಜ್ಯದಲ್ಲಿ ಅಭಿವೃದ್ಧಿ ಕಾರ್ಯಗಳಿಗೆ ತೊಡಕಾಗಿದೆ ಎಂದು ಬಿಜೆಪಿ ಮುಖಂಡರು ಆರೋಪಿಸಿದರು. ನಗರದಲ್ಲಿ ಪ್ರತಿಭಟನೆ ನಡೆಸಿದ ಅವರು, ಗ್ರಾಮೀಣ ರಸ್ತೆಗಳು, ಕುಡಿಯುವ ನೀರು ಹಾಗೂ ಮೂಲಸೌಕರ್ಯ ಕಾಮಗಾರಿಗಳಿಗೆ ಅನುದಾನ ಬಿಡುಗಡೆಯಾಗುತ್ತಿಲ್ಲ. 2023-24ನೇ ಸಾಲಿನಲ್ಲಿ ಮಂಜೂರಾದ ಕಾಮಗಾರಿಗಳು ಸ್ಥಗಿತಗೊಂಡಿವೆ. ಎಸ್‌ಸಿ, ಎಸ್‌ಟಿ ಸಮುದಾಯಗಳ ಕಲ್ಯಾಣಕ್ಕೆ ಮೀಸಲಿಟ್ಟ ಹಣವನ್ನು ಗ್ಯಾರಂಟಿಗಳಿಗೆ ಬಳಸಲಾಗುತ್ತಿದೆ. ಸರ್ಕಾರ ಕೂಡಲೇ ಎಚ್ಚೆತ್ತು ಅಭಿವೃದ್ಧಿ ಕಾರ್ಯಗಳಿಗೆ ಹಣ ಬಿಡುಗಡೆ ಮಾಡಬೇಕು ಎಂದು ಒತ್ತಾಯಿಸಿದರು.
ಶಿಕ್ಷಣ ಕ್ಷೇತ್ರಕ್ಕೆ ಶೇ.30 ಅನುದಾನ ಕೊಡಿ
ಕೋಲಾರ: ರಾಜ್ಯ ಬಜೆಟ್‌ನಲ್ಲಿ ಶಿಕ್ಷಣ ಕ್ಷೇತ್ರಕ್ಕೆ ಶೇ.30ರಷ್ಟು ಅನುದಾನ ಮೀಸಲಿಡಬೇಕು ಎಂದು ಆಗ್ರಹಿಸಿ ಎಸ್‌ಎಫ್‌ಐ ಕಾರ್ಯಕರ್ತರು ನಗರದಲ್ಲಿ ಪ್ರತಿಭಟನೆ ನಡೆಸಿದರು. ಸರ್ಕಾರಿ ಶಾಲೆಗಳ ಮೂಲಸೌಕರ್ಯ ಅಭಿವೃದ್ಧಿ, ಖಾಲಿ ಇರುವ ಶಿಕ್ಷಕರ ಹುದ್ದೆಗಳ ಭರ್ತಿ, ವಿದ್ಯಾರ್ಥಿ ನಿಲಯಗಳ ಸಂಖ್ಯೆ ಹೆಚ್ಚಳ ಹಾಗೂ ವಿದ್ಯಾರ್ಥಿ ವೇತನ ಸಕಾಲದಲ್ಲಿ ಬಿಡುಗಡೆ ಮಾಡಬೇಕು. ಜಿಲ್ಲೆಯಲ್ಲಿ 3500 ರಷ್ಟು ವಿದ್ಯಾರ್ಥಿಗಳು ವಸತಿ ನಿಲಯ ಸೌಲಭ್ಯದಿಂದ ವಂಚಿತರಾಗಿದ್ದಾರೆ. ಖಾಸಗೀಕರಣ ನೀತಿಯಿಂದ ಬಡ ಮಕ್ಕಳು ಶಿಕ್ಷಣದಿಂದ ದೂರ ಉಳಿಯುತ್ತಿದ್ದಾರೆ ಎಂದು ಆರೋಪಿಸಿದರು. ನಂತರ ಜಿಲ್ಲಾಧಿಕಾರಿಗಳ ಮೂಲಕ ಮುಖ್ಯಮಂತ್ರಿಗಳಿಗೆ ಮನವಿ ಸಲ್ಲಿಸಿದರು. ಸಂಘಟನೆಯ ಜಿಲ್ಲಾ ಅಧ್ಯಕ್ಷ, ಕಾರ್ಯದರ್ಶಿ ಹಾಗೂ ನೂರಾರು ವಿದ್ಯಾರ್ಥಿಗಳು ಪಾಲ್ಗೊಂಡಿದ್ದರು.
ರಾಜ್ಯ ಬಜೆಟ್‌ನಲ್ಲಿ ಶಿಕ್ಷಣ ಕ್ಷೇತ್ರಕ್ಕೆ ಶೇ.30ರಷ್ಟು ಅನುದಾನ ಮೀಸಲಿಡಬೇಕು ಎಂದು ಆಗ್ರಹಿಸಿ ಎಸ್‌ಎಫ್‌ಐ ಕಾರ್ಯಕರ್ತರು ನಗರದಲ್ಲಿ ಪ್ರತಿಭಟನೆ ನಡೆಸಿದರು. ಸರ್ಕಾರಿ ಶಾಲೆಗಳ ಮೂಲಸೌಕರ್ಯ ಅಭಿವೃದ್ಧಿ, ಖಾಲಿ ಇರುವ ಶಿಕ್ಷಕರ ಹುದ್ದೆಗಳ ಭರ್ತಿ, ವಿದ್ಯಾರ್ಥಿ ನಿಲಯಗಳ ಸಂಖ್ಯೆ ಹೆಚ್ಚಳ ಹಾಗೂ ವಿದ್ಯಾರ್ಥಿ ವೇತನ ಸಕಾಲದಲ್ಲಿ ಬಿಡುಗಡೆ ಮಾಡಬೇಕು. ಜಿಲ್ಲೆಯಲ್ಲಿ 3500 ರಷ್ಟು ವಿದ್ಯಾರ್ಥಿಗಳು ವಸತಿ ನಿಲಯ ಸೌಲಭ್ಯದಿಂದ ವಂಚಿತರಾಗಿದ್ದಾರೆ. ಖಾಸಗೀಕರಣ ನೀತಿಯಿಂದ ಬಡ ಮಕ್ಕಳು ಶಿಕ್ಷಣದಿಂದ ದೂರ ಉಳಿಯುತ್ತಿದ್ದಾರೆ ಎಂದು ಆರೋಪಿಸಿದರು. ನಂತರ ಜಿಲ್ಲಾಧಿಕಾರಿಗಳ ಮೂಲಕ ಮುಖ್ಯಮಂತ್ರಿಗಳಿಗೆ ಮನವಿ ಸಲ್ಲಿಸಿದರು. ಸಂಘಟನೆಯ ಜಿಲ್ಲಾ ಅಧ್ಯಕ್ಷ, ಕಾರ್ಯದರ್ಶಿ ಹಾಗೂ ನೂರಾರು ವಿದ್ಯಾರ್ಥಿಗಳು ಪಾಲ್ಗೊಂಡಿದ್ದರು.
ರಾಜ್ಯ ಬಜೆಟ್‌ನಲ್ಲಿ ಶಿಕ್ಷಣ ಕ್ಷೇತ್ರಕ್ಕೆ ಶೇ.30ರಷ್ಟು ಅನುದಾನ ಮೀಸಲಿಡಬೇಕು ಎಂದು ಆಗ್ರಹಿಸಿ ಎಸ್‌ಎಫ್‌ಐ ಕಾರ್ಯಕರ್ತರು ನಗರದಲ್ಲಿ ಪ್ರತಿಭಟನೆ ನಡೆಸಿದರು. ಸರ್ಕಾರಿ ಶಾಲೆಗಳ ಮೂಲಸೌಕರ್ಯ ಅಭಿವೃದ್ಧಿ, ಖಾಲಿ ಇರುವ ಶಿಕ್ಷಕರ ಹುದ್ದೆಗಳ ಭರ್ತಿ, ವಿದ್ಯಾರ್ಥಿ ನಿಲಯಗಳ ಸಂಖ್ಯೆ ಹೆಚ್ಚಳ ಹಾಗೂ ವಿದ್ಯಾರ್ಥಿ ವೇತನ ಸಕಾಲದಲ್ಲಿ ಬಿಡುಗಡೆ ಮಾಡಬೇಕು. ಜಿಲ್ಲೆಯಲ್ಲಿ 3500 ರಷ್ಟು ವಿದ್ಯಾರ್ಥಿಗಳು ವಸತಿ ನಿಲಯ ಸೌಲಭ್ಯದಿಂದ ವಂಚಿತರಾಗಿದ್ದಾರೆ. ಖಾಸಗೀಕರಣ ನೀತಿಯಿಂದ ಬಡ ಮಕ್ಕಳು ಶಿಕ್ಷಣದಿಂದ ದೂರ ಉಳಿಯುತ್ತಿದ್ದಾರೆ ಎಂದು ಆರೋಪಿಸಿದರು. ನಂತರ ಜಿಲ್ಲಾಧಿಕಾರಿಗಳ ಮೂಲಕ ಮುಖ್ಯಮಂತ್ರಿಗಳಿಗೆ ಮನವಿ ಸಲ್ಲಿಸಿದರು. ಸಂಘಟನೆಯ ಜಿಲ್ಲಾ ಅಧ್ಯಕ್ಷ, ಕಾರ್ಯದರ್ಶಿ ಹಾಗೂ ನೂರಾರು ವಿದ್ಯಾರ್ಥಿಗಳು ಪಾಲ್ಗೊಂಡಿದ್ದರು.
ಶ್ರೀಕಂಠಶಿವಾಚಾರ್ಯ ಜಯಂತಿ ಮಹೋತ್ಸವ
ಆನೇಕಲ್: ಅಲಿಪ್ತನ ಬ್ರಹ್ಮಶ್ರೀ ಶ್ರೀಕಂಠ ಶಿವಾಚಾರ್ಯರ ಜಯಂತಿ ಮಹೋತ್ಸವವನ್ನು ಪಟ್ಟಣದ ಮಠದಲ್ಲಿ ಶ್ರದ್ಧಾಭಕ್ತಿಯಿಂದ ಆಚರಿಸಲಾಯಿತು. ಬೆಳಗ್ಗೆ ಗುರುಗಳ ಭಾವಚಿತ್ರದ ಮೆರವಣಿಗೆ, ರುದ್ರಾಭಿಷೇಕ, ವಿಶೇಷ ಪೂಜೆ ನೆರವೇರಿತು. ಧಾರ್ಮಿಕ ಸಭೆಯಲ್ಲಿ ಮಾತನಾಡಿದ ಸ್ವಾಮೀಜಿಗಳು, ಶಿವಾಚಾರ್ಯರ ತತ್ವ ಸಿದ್ಧಾಂತಗಳು ಇಂದಿಗೂ ಪ್ರಸ್ತುತ, ಯುವ ಪೀಳಿಗೆ ಅವರ ಆದರ್ಶಗಳನ್ನು ಪಾಲಿಸಬೇಕು ಎಂದರು. ಸಮಾಜದ ಮುಖಂಡರು, ಭಕ್ತಾದಿಗಳು ಪಾಲ್ಗೊಂಡಿದ್ದರು. ಪ್ರಸಾದ ವಿನಿಯೋಗ ನಡೆಯಿತು.
ಅಲಿಪ್ತನ ಬ್ರಹ್ಮಶ್ರೀ ಶ್ರೀಕಂಠ ಶಿವಾಚಾರ್ಯರ ಜಯಂತಿ ಮಹೋತ್ಸವವನ್ನು ಪಟ್ಟಣದ ಮಠದಲ್ಲಿ ಶ್ರದ್ಧಾಭಕ್ತಿಯಿಂದ ಆಚರಿಸಲಾಯಿತು. ಬೆಳಗ್ಗೆ ಗುರುಗಳ ಭಾವಚಿತ್ರದ ಮೆರವಣಿಗೆ, ರುದ್ರಾಭಿಷೇಕ, ವಿಶೇಷ ಪೂಜೆ ನೆರವೇರಿತು. ಧಾರ್ಮಿಕ ಸಭೆಯಲ್ಲಿ ಮಾತನಾಡಿದ ಸ್ವಾಮೀಜಿಗಳು, ಶಿವಾಚಾರ್ಯರ ತತ್ವ ಸಿದ್ಧಾಂತಗಳು ಇಂದಿಗೂ ಪ್ರಸ್ತುತ, ಯುವ ಪೀಳಿಗೆ ಅವರ ಆದರ್ಶಗಳನ್ನು ಪಾಲಿಸಬೇಕು ಎಂದರು. ಸಮಾಜದ ಮುಖಂಡರು, ಭಕ್ತಾದಿಗಳು ಪಾಲ್ಗೊಂಡಿದ್ದರು. ಪ್ರಸಾದ ವಿನಿಯೋಗ ನಡೆಯಿತು.
ಅಲಿಪ್ತನ ಬ್ರಹ್ಮಶ್ರೀ ಶ್ರೀಕಂಠ ಶಿವಾಚಾರ್ಯರ ಜಯಂತಿ ಮಹೋತ್ಸವವನ್ನು ಪಟ್ಟಣದ ಮಠದಲ್ಲಿ ಶ್ರದ್ಧಾಭಕ್ತಿಯಿಂದ ಆಚರಿಸಲಾಯಿತು. ಬೆಳಗ್ಗೆ ಗುರುಗಳ ಭಾವಚಿತ್ರದ ಮೆರವಣಿಗೆ, ರುದ್ರಾಭಿಷೇಕ, ವಿಶೇಷ ಪೂಜೆ ನೆರವೇರಿತು. ಧಾರ್ಮಿಕ ಸಭೆಯಲ್ಲಿ ಮಾತನಾಡಿದ ಸ್ವಾಮೀಜಿಗಳು, ಶಿವಾಚಾರ್ಯರ ತತ್ವ ಸಿದ್ಧಾಂತಗಳು ಇಂದಿಗೂ ಪ್ರಸ್ತುತ, ಯುವ ಪೀಳಿಗೆ ಅವರ ಆದರ್ಶಗಳನ್ನು ಪಾಲಿಸಬೇಕು ಎಂದರು. ಸಮಾಜದ ಮುಖಂಡರು, ಭಕ್ತಾದಿಗಳು ಪಾಲ್ಗೊಂಡಿದ್ದರು. ಪ್ರಸಾದ ವಿನಿಯೋಗ ನಡೆಯಿತು.
ಎಪಿಎಂಸಿ ಮಾರುಕಟ್ಟೆ ಆವರಣದಲ್ಲಿ ರಾಗಿ ಖರೀದಿ ಕೇಂದ್ರಕ್ಕೆ ಚಾಲನೆ
ನೋಂದಾಯಿತ ರೈತರಿಂದ ರಾಗಿ ಖರೀದಿ
ದೊಡ್ಡಬಳ್ಳಾಪುರ: ತಾಲೂಕಿನ ನೋಂದಾಯಿತ ರೈತರಿಂದ ಬೆಂಬಲ ಬೆಲೆಯಲ್ಲಿ ರಾಗಿ ಖರೀದಿಸುವ ಕೇಂದ್ರಕ್ಕೆ ಎಪಿಎಂಸಿ ಆವರಣದಲ್ಲಿ ಚಾಲನೆ ನೀಡಲಾಯಿತು. ಪ್ರತಿ ಕ್ವಿಂಟಾಲ್ ರಾಗಿಗೆ 4290 ರೂ. ಬೆಂಬಲ ಬೆಲೆ ನಿಗದಿಪಡಿಸಲಾಗಿದ್ದು, ರೈತರು ಖರೀದಿ ಕೇಂದ್ರದ ಸದುಪಯೋಗ ಪಡೆದುಕೊಳ್ಳಬೇಕು. ಮಧ್ಯವರ್ತಿಗಳ ಹಾವಳಿ ತಡೆಗಟ್ಟಲು ನೇರವಾಗಿ ರೈತರ ಖಾತೆಗೆ ಹಣ ಜಮಾ ಮಾಡಲಾಗುವುದು. ತಾಲೂಕಿನಲ್ಲಿ 12675 ರೈತರು ನೋಂದಣಿ ಮಾಡಿಸಿಕೊಂಡಿದ್ದು, ಒಟ್ಟು 182728.05 ಕ್ವಿಂಟಾಲ್ ರಾಗಿ ಖರೀದಿಯ ಗುರಿ ಹೊಂದಲಾಗಿದೆ ಎಂದು ಅಧಿಕಾರಿಗಳು ತಿಳಿಸಿದರು. ನಂತರ ರಾಗಿ ಖರೀದಿ ಕೇಂದ್ರದ ಅಧಿಕಾರಿ ಎಚ್.ಎನ್.ನಾರಾಯಣ್ ಮಾತನಾಡಿ, 2024-25ನೇ ಸಾಲಿನ ಖರೀದಿ ಪ್ರಕ್ರಿಯೆಯನ್ನು ಪಾರದರ್ಶಕವಾಗಿ ನಡೆಸಲಾಗುವುದು, ಗುಣಮಟ್ಟದ ರಾಗಿಯನ್ನು ಮಾತ್ರ ಖರೀದಿಸಲಾಗುವುದು ಎಂದರು. ಬಯೋಮೆಟ್ರಿಕ್ ನೀಡಿದ ರೈತರಿಂದ ಮಾತ್ರ ಖರೀದಿ ನಡೆಯಲಿದೆ. ಜನಪ್ರತಿನಿಧಿಗಳು, ಎಪಿಎಂಸಿ ಅಧಿಕಾರಿಗಳು, ರೈತ ಮುಖಂಡರು ಹಾಜರಿದ್ದರು.
ತಾಲೂಕಿನ ನೋಂದಾಯಿತ ರೈತರಿಂದ ಬೆಂಬಲ ಬೆಲೆಯಲ್ಲಿ ರಾಗಿ ಖರೀದಿಸುವ ಕೇಂದ್ರಕ್ಕೆ ಎಪಿಎಂಸಿ ಆವರಣದಲ್ಲಿ ಚಾಲನೆ ನೀಡಲಾಯಿತು. ಪ್ರತಿ ಕ್ವಿಂಟಾಲ್ ರಾಗಿಗೆ 4290 ರೂ. ಬೆಂಬಲ ಬೆಲೆ ನಿಗದಿಪಡಿಸಲಾಗಿದ್ದು, ರೈತರು ಖರೀದಿ ಕೇಂದ್ರದ ಸದುಪಯೋಗ ಪಡೆದುಕೊಳ್ಳಬೇಕು. ಮಧ್ಯವರ್ತಿಗಳ ಹಾವಳಿ ತಡೆಗಟ್ಟಲು ನೇರವಾಗಿ ರೈತರ ಖಾತೆಗೆ ಹಣ ಜಮಾ ಮಾಡಲಾಗುವುದು. ತಾಲೂಕಿನಲ್ಲಿ 12675 ರೈತರು ನೋಂದಣಿ ಮಾಡಿಸಿಕೊಂಡಿದ್ದು, ಒಟ್ಟು 182728.05 ಕ್ವಿಂಟಾಲ್ ರಾಗಿ ಖರೀದಿಯ ಗುರಿ ಹೊಂದಲಾಗಿದೆ ಎಂದು ಅಧಿಕಾರಿಗಳು ತಿಳಿಸಿದರು. ನಂತರ ರಾಗಿ ಖರೀದಿ ಕೇಂದ್ರದ ಅಧಿಕಾರಿ ಎಚ್.ಎನ್.ನಾರಾಯಣ್ ಮಾತನಾಡಿ, 2024-25ನೇ ಸಾಲಿನ ಖರೀದಿ ಪ್ರಕ್ರಿಯೆಯನ್ನು ಪಾರದರ್ಶಕವಾಗಿ ನಡೆಸಲಾಗುವುದು, ಗುಣಮಟ್ಟದ ರಾಗಿಯನ್ನು ಮಾತ್ರ ಖರೀದಿಸಲಾಗುವುದು ಎಂದರು. ಬಯೋಮೆಟ್ರಿಕ್ ನೀಡಿದ ರೈತರಿಂದ ಮಾತ್ರ ಖರೀದಿ ನಡೆಯಲಿದೆ. ಜನಪ್ರತಿನಿಧಿಗಳು, ಎಪಿಎಂಸಿ ಅಧಿಕಾರಿಗಳು, ರೈತ ಮುಖಂಡರು ಹಾಜರಿದ್ದರು.
ತಾಲೂಕಿನ ನೋಂದಾಯಿತ ರೈತರಿಂದ ಬೆಂಬಲ ಬೆಲೆಯಲ್ಲಿ ರಾಗಿ ಖರೀದಿಸುವ ಕೇಂದ್ರಕ್ಕೆ ಎಪಿಎಂಸಿ ಆವರಣದಲ್ಲಿ ಚಾಲನೆ ನೀಡಲಾಯಿತು. ಪ್ರತಿ ಕ್ವಿಂಟಾಲ್ ರಾಗಿಗೆ 4290 ರೂ. ಬೆಂಬಲ ಬೆಲೆ ನಿಗದಿಪಡಿಸಲಾಗಿದ್ದು, ರೈತರು ಖರೀದಿ ಕೇಂದ್ರದ ಸದುಪಯೋಗ ಪಡೆದುಕೊಳ್ಳಬೇಕು. ಮಧ್ಯವರ್ತಿಗಳ ಹಾವಳಿ ತಡೆಗಟ್ಟಲು ನೇರವಾಗಿ ರೈತರ ಖಾತೆಗೆ ಹಣ ಜಮಾ ಮಾಡಲಾಗುವುದು. ತಾಲೂಕಿನಲ್ಲಿ 12675 ರೈತರು ನೋಂದಣಿ ಮಾಡಿಸಿಕೊಂಡಿದ್ದು, ಒಟ್ಟು 182728.05 ಕ್ವಿಂಟಾಲ್ ರಾಗಿ ಖರೀದಿಯ ಗುರಿ ಹೊಂದಲಾಗಿದೆ ಎಂದು ಅಧಿಕಾರಿಗಳು ತಿಳಿಸಿದರು. ನಂತರ ರಾಗಿ ಖರೀದಿ ಕೇಂದ್ರದ ಅಧಿಕಾರಿ ಎಚ್.ಎನ್.ನಾರಾಯಣ್ ಮಾತನಾಡಿ, 2024-25ನೇ ಸಾಲಿನ ಖರೀದಿ ಪ್ರಕ್ರಿಯೆಯನ್ನು ಪಾರದರ್ಶಕವಾಗಿ ನಡೆಸಲಾಗುವುದು, ಗುಣಮಟ್ಟದ ರಾಗಿಯನ್ನು ಮಾತ್ರ ಖರೀದಿಸಲಾಗುವುದು ಎಂದರು. ಬಯೋಮೆಟ್ರಿಕ್ ನೀಡಿದ ರೈತರಿಂದ ಮಾತ್ರ ಖರೀದಿ ನಡೆಯಲಿದೆ. ಜನಪ್ರತಿನಿಧಿಗಳು, ಎಪಿಎಂಸಿ ಅಧಿಕಾರಿಗಳು, ರೈತ ಮುಖಂಡರು ಹಾಜರಿದ್ದರು.
ತಾಲೂಕಿನ ನೋಂದಾಯಿತ ರೈತರಿಂದ ಬೆಂಬಲ ಬೆಲೆಯಲ್ಲಿ ರಾಗಿ ಖರೀದಿಸುವ ಕೇಂದ್ರಕ್ಕೆ ಎಪಿಎಂಸಿ ಆವರಣದಲ್ಲಿ ಚಾಲನೆ ನೀಡಲಾಯಿತು. ಪ್ರತಿ ಕ್ವಿಂಟಾಲ್ ರಾಗಿಗೆ 4290 ರೂ. ಬೆಂಬಲ ಬೆಲೆ ನಿಗದಿಪಡಿಸಲಾಗಿದ್ದು, ರೈತರು ಖರೀದಿ ಕೇಂದ್ರದ ಸದುಪಯೋಗ ಪಡೆದುಕೊಳ್ಳಬೇಕು. ಮಧ್ಯವರ್ತಿಗಳ ಹಾವಳಿ ತಡೆಗಟ್ಟಲು ನೇರವಾಗಿ ರೈತರ ಖಾತೆಗೆ ಹಣ ಜಮಾ ಮಾಡಲಾಗುವುದು. ತಾಲೂಕಿನಲ್ಲಿ 12675 ರೈತರು ನೋಂದಣಿ ಮಾಡಿಸಿಕೊಂಡಿದ್ದು, ಒಟ್ಟು 182728.05 ಕ್ವಿಂಟಾಲ್ ರಾಗಿ ಖರೀದಿಯ ಗುರಿ ಹೊಂದಲಾಗಿದೆ ಎಂದು ಅಧಿಕಾರಿಗಳು ತಿಳಿಸಿದರು. ನಂತರ ರಾಗಿ ಖರೀದಿ ಕೇಂದ್ರದ ಅಧಿಕಾರಿ ಎಚ್.ಎನ್.ನಾರಾಯಣ್ ಮಾತನಾಡಿ, 2024-25ನೇ ಸಾಲಿನ ಖರೀದಿ ಪ್ರಕ್ರಿಯೆಯನ್ನು ಪಾರದರ್ಶಕವಾಗಿ ನಡೆಸಲಾಗುವುದು, ಗುಣಮಟ್ಟದ ರಾಗಿಯನ್ನು ಮಾತ್ರ ಖರೀದಿಸಲಾಗುವುದು ಎಂದರು. ಬಯೋಮೆಟ್ರಿಕ್ ನೀಡಿದ ರೈತರಿಂದ ಮಾತ್ರ ಖರೀದಿ ನಡೆಯಲಿದೆ. ಜನಪ್ರತಿನಿಧಿಗಳು, ಎಪಿಎಂಸಿ ಅಧಿಕಾರಿಗಳು, ರೈತ ಮುಖಂಡರು ಹಾಜರಿದ್ದರು.
ಕೈಗಾರಿಕೆ, ಆಸ್ಪತ್ರೆ ಕಲುಷಿತ ನೀರು ಸೇರ್ಪಡೆ | ಜನ-ಜಾನುವಾರಿಗೆ ನೀರಿನ ಕೊರತೆ
ಮುತ್ತಾನಲ್ಲೂರು ಕೆರೆ ಉಳಿವಿಗೆ ಹೋರಾಟ
ಆನೇಕಲ್: ತಾಲೂಕಿನ ಮುತ್ತಾನಲ್ಲೂರು ಕೆರೆಗೆ ಸುತ್ತಮುತ್ತಲ ಕೈಗಾರಿಕೆಗಳು ಹಾಗೂ ಆಸ್ಪತ್ರೆಗಳ ಕಲುಷಿತ ನೀರು ಸೇರುತ್ತಿದ್ದು, ಕೆರೆ ಸಂರಕ್ಷಣೆಗೆ ಒತ್ತಾಯಿಸಿ ಗ್ರಾಮಸ್ಥರು ಹೋರಾಟ ಆರಂಭಿಸಿದ್ದಾರೆ. ಒಂದು ಕಾಲದಲ್ಲಿ ಕುಡಿಯುವ ನೀರಿನ ಮೂಲವಾಗಿದ್ದ ಕೆರೆ ಇಂದು ವಿಷಕಾರಿಯಾಗಿ ಪರಿವರ್ತನೆಯಾಗಿದೆ. ಜನ ಜಾನುವಾರುಗಳಿಗೆ ನೀರಿನ ಕೊರತೆ ಎದುರಾಗಿದ್ದು, ಅಂತರ್ಜಲ ಮಟ್ಟವೂ ಕುಸಿದಿದೆ. ಕೆರೆ ಒತ್ತುವರಿಯನ್ನು ತೆರವುಗೊಳಿಸಿ, ಹೂಳು ತೆಗೆದು ಶುದ್ಧ ನೀರು ಹರಿಯುವಂತೆ ಮಾಡಬೇಕು. ಈ ಬಗ್ಗೆ ಹಲವು ಬಾರಿ ಸಂಬಂಧಪಟ್ಟ ಅಧಿಕಾರಿಗಳಿಗೆ ಮನವಿ ಸಲ್ಲಿಸಿದರೂ ಪ್ರಯೋಜನವಾಗಿಲ್ಲ. ಸುಮಾರು 20 ಎಕರೆ ಪ್ರದೇಶದಲ್ಲಿ ಹರಡಿರುವ ಕೆರೆ ಉಳಿಸಲು ಜಿಲ್ಲಾಡಳಿತ ತಕ್ಷಣ ಕ್ರಮ ಕೈಗೊಳ್ಳದಿದ್ದರೆ ಉಗ್ರ ಹೋರಾಟ ನಡೆಸಲಾಗುವುದು ಎಂದು ಗ್ರಾಮಸ್ಥರು ಎಚ್ಚರಿಸಿದರು. ಪರಿಸರವಾದಿಗಳು, ರೈತ ಸಂಘದ ಮುಖಂಡರು, ಗ್ರಾಮ ಪಂಚಾಯಿತಿ ಸದಸ್ಯರು ಹಾಗೂ ಸ್ಥಳೀಯರು ಪ್ರತಿಭಟನೆಯಲ್ಲಿ ಪಾಲ್ಗೊಂಡಿದ್ದರು.
ತಾಲೂಕಿನ ಮುತ್ತಾನಲ್ಲೂರು ಕೆರೆಗೆ ಸುತ್ತಮುತ್ತಲ ಕೈಗಾರಿಕೆಗಳು ಹಾಗೂ ಆಸ್ಪತ್ರೆಗಳ ಕಲುಷಿತ ನೀರು ಸೇರುತ್ತಿದ್ದು, ಕೆರೆ ಸಂರಕ್ಷಣೆಗೆ ಒತ್ತಾಯಿಸಿ ಗ್ರಾಮಸ್ಥರು ಹೋರಾಟ ಆರಂಭಿಸಿದ್ದಾರೆ. ಒಂದು ಕಾಲದಲ್ಲಿ ಕುಡಿಯುವ ನೀರಿನ ಮೂಲವಾಗಿದ್ದ ಕೆರೆ ಇಂದು ವಿಷಕಾರಿಯಾಗಿ ಪರಿವರ್ತನೆಯಾಗಿದೆ. ಜನ ಜಾನುವಾರುಗಳಿಗೆ ನೀರಿನ ಕೊರತೆ ಎದುರಾಗಿದ್ದು, ಅಂತರ್ಜಲ ಮಟ್ಟವೂ ಕುಸಿದಿದೆ. ಕೆರೆ ಒತ್ತುವರಿಯನ್ನು ತೆರವುಗೊಳಿಸಿ, ಹೂಳು ತೆಗೆದು ಶುದ್ಧ ನೀರು ಹರಿಯುವಂತೆ ಮಾಡಬೇಕು. ಈ ಬಗ್ಗೆ ಹಲವು ಬಾರಿ ಸಂಬಂಧಪಟ್ಟ ಅಧಿಕಾರಿಗಳಿಗೆ ಮನವಿ ಸಲ್ಲಿಸಿದರೂ ಪ್ರಯೋಜನವಾಗಿಲ್ಲ. ಸುಮಾರು 20 ಎಕರೆ ಪ್ರದೇಶದಲ್ಲಿ ಹರಡಿರುವ ಕೆರೆ ಉಳಿಸಲು ಜಿಲ್ಲಾಡಳಿತ ತಕ್ಷಣ ಕ್ರಮ ಕೈಗೊಳ್ಳದಿದ್ದರೆ ಉಗ್ರ ಹೋರಾಟ ನಡೆಸಲಾಗುವುದು ಎಂದು ಗ್ರಾಮಸ್ಥರು ಎಚ್ಚರಿಸಿದರು. ಪರಿಸರವಾದಿಗಳು, ರೈತ ಸಂಘದ ಮುಖಂಡರು, ಗ್ರಾಮ ಪಂಚಾಯಿತಿ ಸದಸ್ಯರು ಹಾಗೂ ಸ್ಥಳೀಯರು ಪ್ರತಿಭಟನೆಯಲ್ಲಿ ಪಾಲ್ಗೊಂಡಿದ್ದರು.
ತಾಲೂಕಿನ ಮುತ್ತಾನಲ್ಲೂರು ಕೆರೆಗೆ ಸುತ್ತಮುತ್ತಲ ಕೈಗಾರಿಕೆಗಳು ಹಾಗೂ ಆಸ್ಪತ್ರೆಗಳ ಕಲುಷಿತ ನೀರು ಸೇರುತ್ತಿದ್ದು, ಕೆರೆ ಸಂರಕ್ಷಣೆಗೆ ಒತ್ತಾಯಿಸಿ ಗ್ರಾಮಸ್ಥರು ಹೋರಾಟ ಆರಂಭಿಸಿದ್ದಾರೆ. ಒಂದು ಕಾಲದಲ್ಲಿ ಕುಡಿಯುವ ನೀರಿನ ಮೂಲವಾಗಿದ್ದ ಕೆರೆ ಇಂದು ವಿಷಕಾರಿಯಾಗಿ ಪರಿವರ್ತನೆಯಾಗಿದೆ. ಜನ ಜಾನುವಾರುಗಳಿಗೆ ನೀರಿನ ಕೊರತೆ ಎದುರಾಗಿದ್ದು, ಅಂತರ್ಜಲ ಮಟ್ಟವೂ ಕುಸಿದಿದೆ. ಕೆರೆ ಒತ್ತುವರಿಯನ್ನು ತೆರವುಗೊಳಿಸಿ, ಹೂಳು ತೆಗೆದು ಶುದ್ಧ ನೀರು ಹರಿಯುವಂತೆ ಮಾಡಬೇಕು. ಈ ಬಗ್ಗೆ ಹಲವು ಬಾರಿ ಸಂಬಂಧಪಟ್ಟ ಅಧಿಕಾರಿಗಳಿಗೆ ಮನವಿ ಸಲ್ಲಿಸಿದರೂ ಪ್ರಯೋಜನವಾಗಿಲ್ಲ. ಸುಮಾರು 20 ಎಕರೆ ಪ್ರದೇಶದಲ್ಲಿ ಹರಡಿರುವ ಕೆರೆ ಉಳಿಸಲು ಜಿಲ್ಲಾಡಳಿತ ತಕ್ಷಣ ಕ್ರಮ ಕೈಗೊಳ್ಳದಿದ್ದರೆ ಉಗ್ರ ಹೋರಾಟ ನಡೆಸಲಾಗುವುದು ಎಂದು ಗ್ರಾಮಸ್ಥರು ಎಚ್ಚರಿಸಿದರು. ಪರಿಸರವಾದಿಗಳು, ರೈತ ಸಂಘದ ಮುಖಂಡರು, ಗ್ರಾಮ ಪಂಚಾಯಿತಿ ಸದಸ್ಯರು ಹಾಗೂ ಸ್ಥಳೀಯರು ಪ್ರತಿಭಟನೆಯಲ್ಲಿ ಪಾಲ್ಗೊಂಡಿದ್ದರು.
